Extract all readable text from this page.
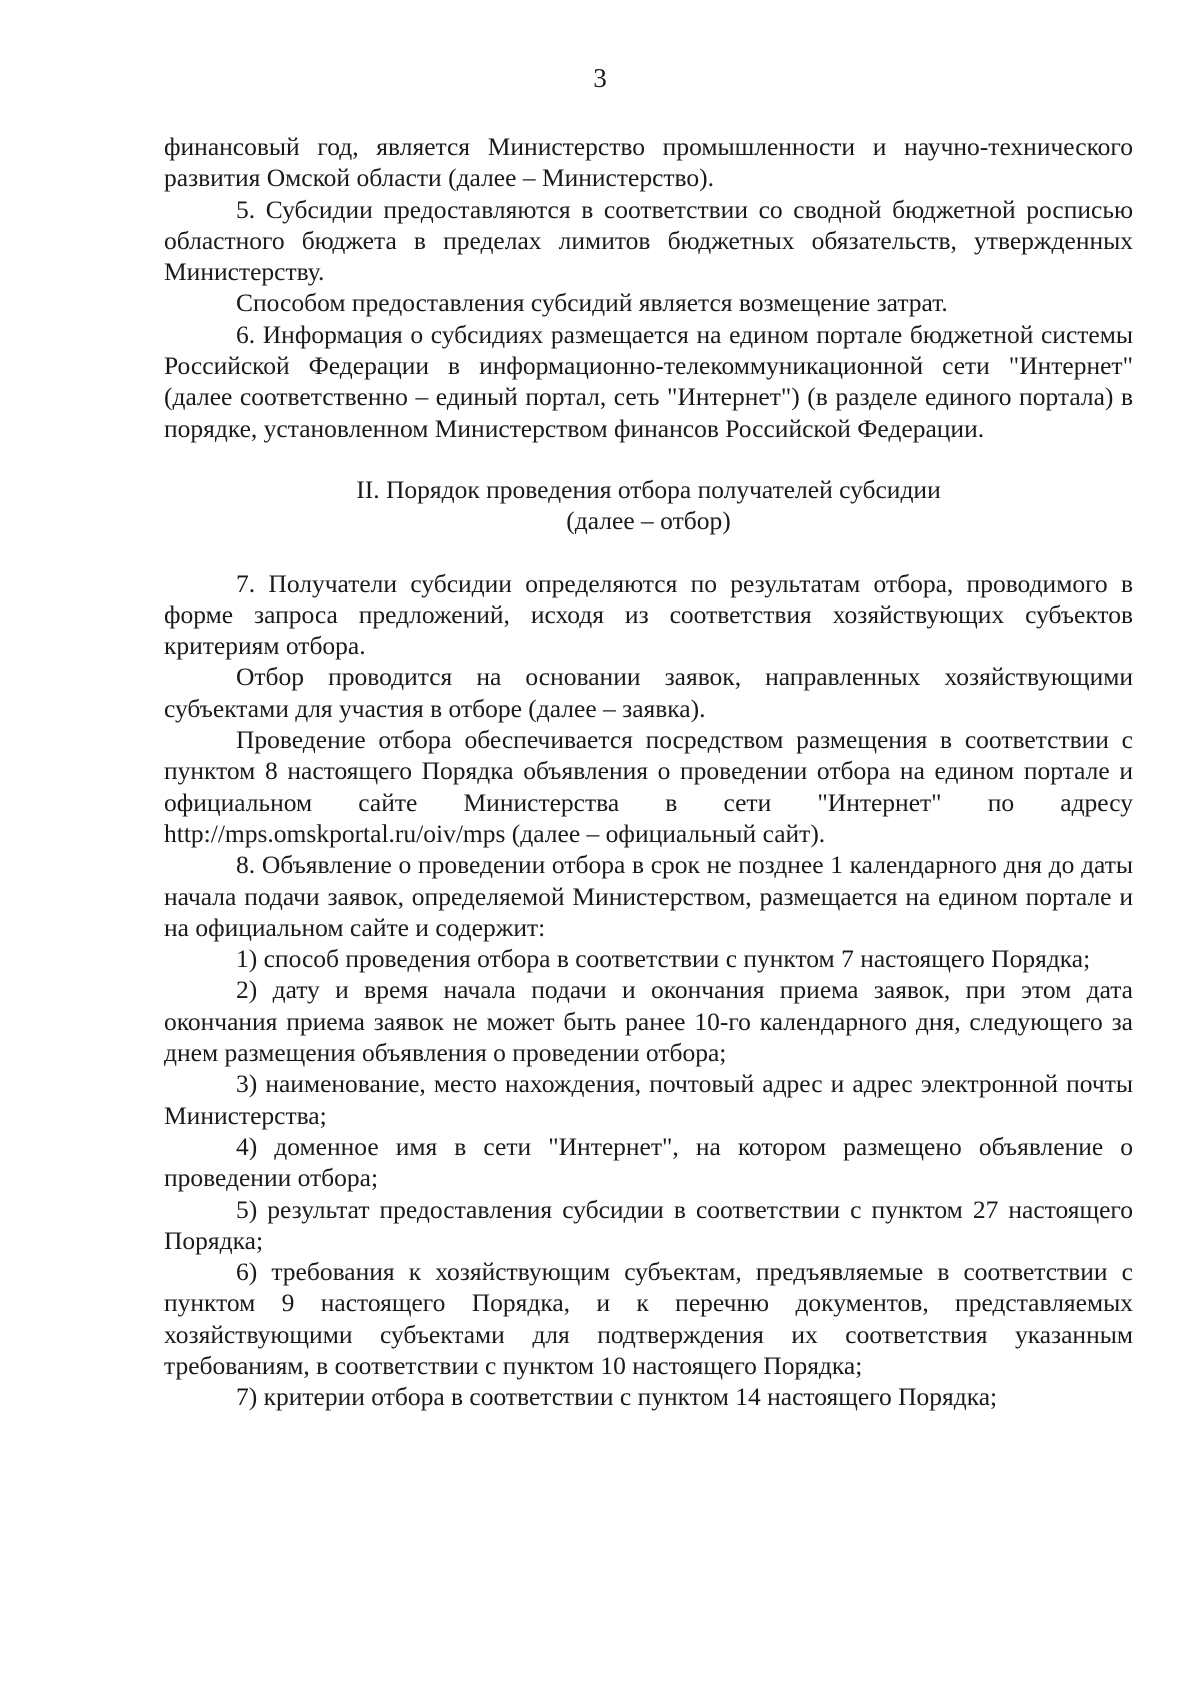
3

финансовый год, является Министерство промышленности и научно-технического развития Омской области (далее – Министерство).

5. Субсидии предоставляются в соответствии со сводной бюджетной росписью областного бюджета в пределах лимитов бюджетных обязательств, утвержденных Министерству.

Способом предоставления субсидий является возмещение затрат.

6. Информация о субсидиях размещается на едином портале бюджетной системы Российской Федерации в информационно-телекоммуникационной сети "Интернет" (далее соответственно – единый портал, сеть "Интернет") (в разделе единого портала) в порядке, установленном Министерством финансов Российской Федерации.

II. Порядок проведения отбора получателей субсидии
(далее – отбор)

7. Получатели субсидии определяются по результатам отбора, проводимого в форме запроса предложений, исходя из соответствия хозяйствующих субъектов критериям отбора.

Отбор проводится на основании заявок, направленных хозяйствующими субъектами для участия в отборе (далее – заявка).

Проведение отбора обеспечивается посредством размещения в соответствии с пунктом 8 настоящего Порядка объявления о проведении отбора на едином портале и официальном сайте Министерства в сети "Интернет" по адресу http://mps.omskportal.ru/oiv/mps (далее – официальный сайт).

8. Объявление о проведении отбора в срок не позднее 1 календарного дня до даты начала подачи заявок, определяемой Министерством, размещается на едином портале и на официальном сайте и содержит:

1) способ проведения отбора в соответствии с пунктом 7 настоящего Порядка;

2) дату и время начала подачи и окончания приема заявок, при этом дата окончания приема заявок не может быть ранее 10-го календарного дня, следующего за днем размещения объявления о проведении отбора;

3) наименование, место нахождения, почтовый адрес и адрес электронной почты Министерства;

4) доменное имя в сети "Интернет", на котором размещено объявление о проведении отбора;

5) результат предоставления субсидии в соответствии с пунктом 27 настоящего Порядка;

6) требования к хозяйствующим субъектам, предъявляемые в соответствии с пунктом 9 настоящего Порядка, и к перечню документов, представляемых хозяйствующими субъектами для подтверждения их соответствия указанным требованиям, в соответствии с пунктом 10 настоящего Порядка;

7) критерии отбора в соответствии с пунктом 14 настоящего Порядка;
